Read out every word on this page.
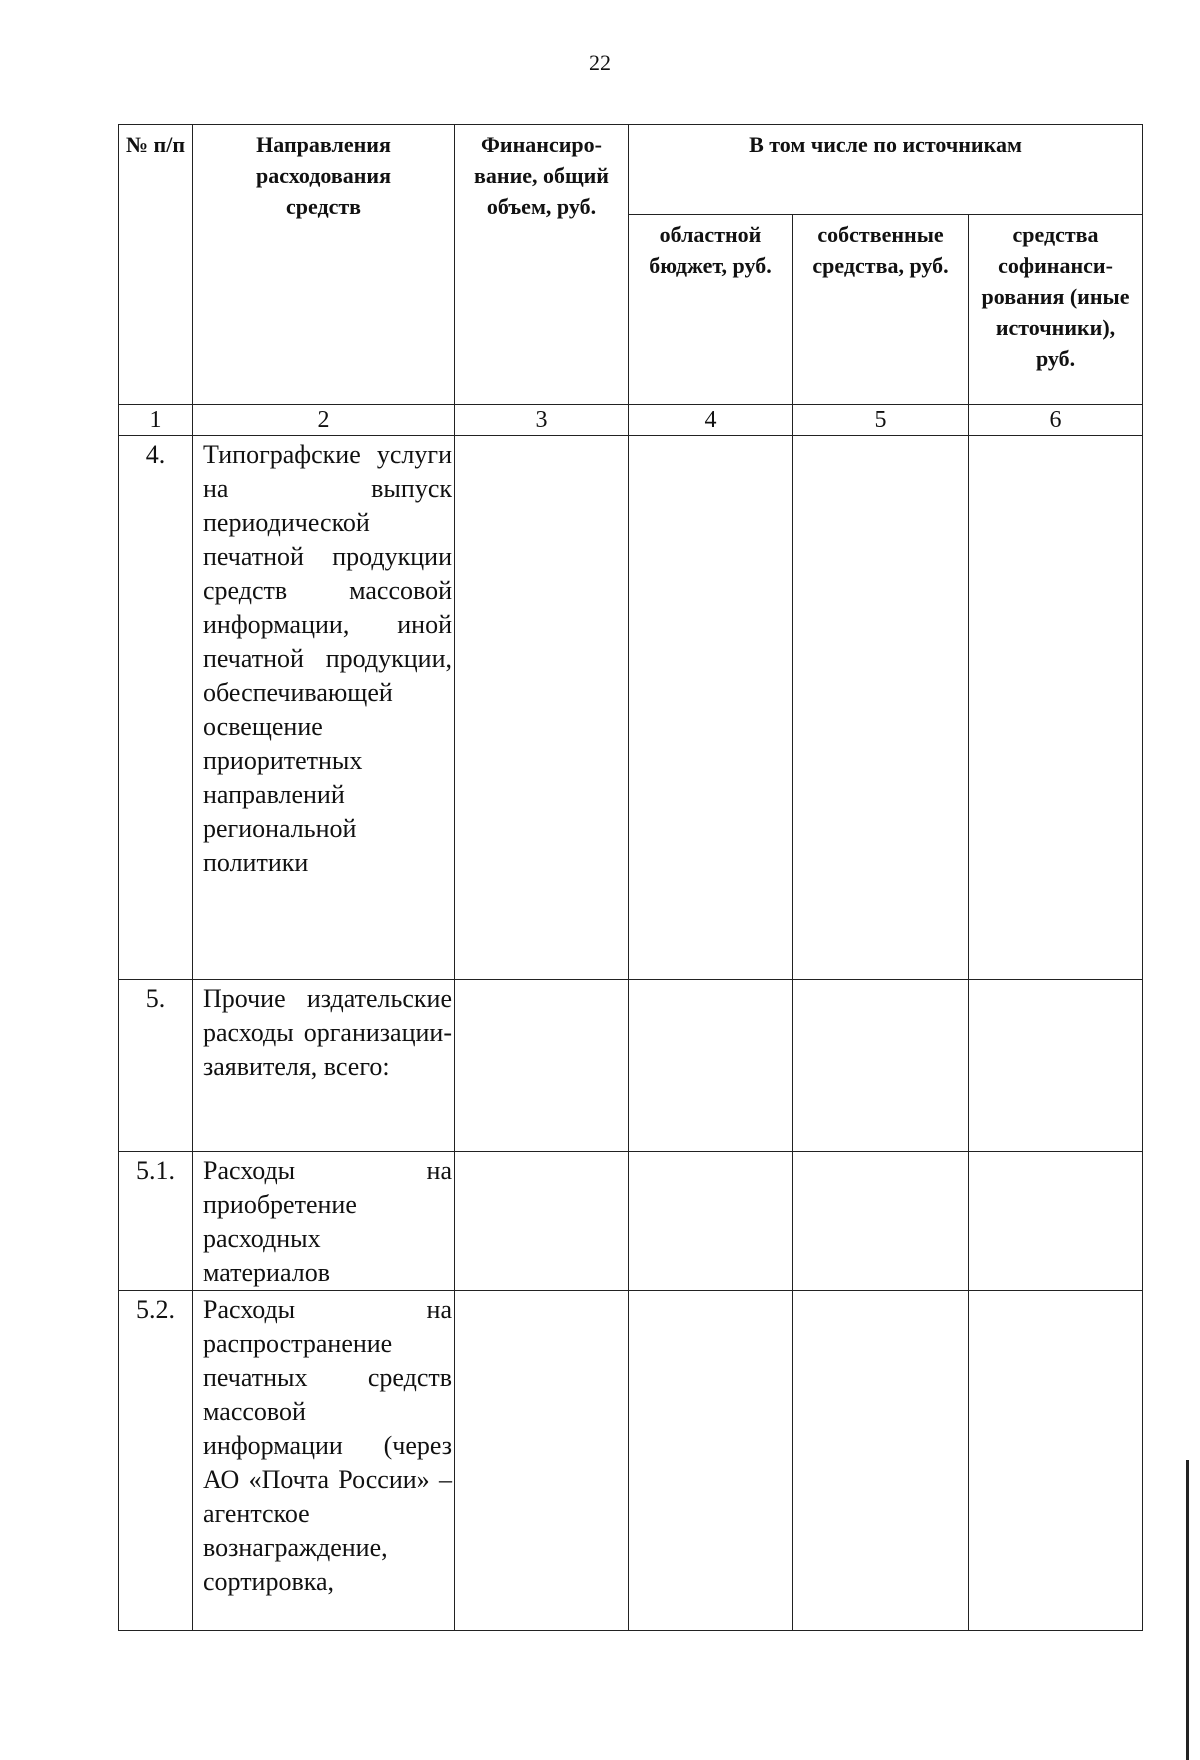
22
№ п/п	Направления расходования средств	Финансиро-вание, общий объем, руб.	В том числе по источникам		
			областной бюджет, руб.	собственные средства, руб.	средства софинанси-рования (иные источники), руб.
1	2	3	4	5	6
4.	Типографские услуги на выпуск периодической печатной продукции средств массовой информации, иной печатной продукции, обеспечивающей освещение приоритетных направлений региональной политики				
5.	Прочие издательские расходы организации-заявителя, всего:				
5.1.	Расходы на приобретение расходных материалов				
5.2.	Расходы на распространение печатных средств массовой информации (через АО «Почта России» – агентское вознаграждение, сортировка,				
